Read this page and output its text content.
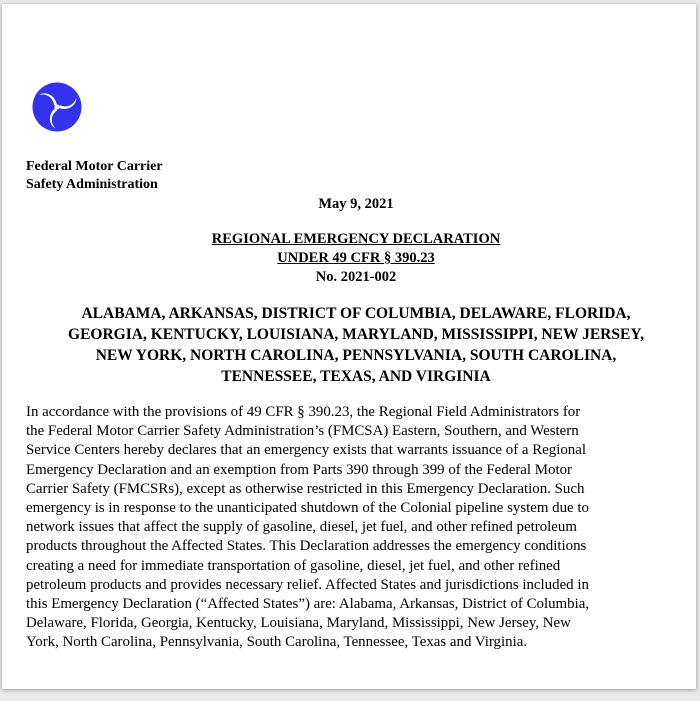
Federal Motor Carrier
Safety Administration
May 9, 2021
REGIONAL EMERGENCY DECLARATION
UNDER 49 CFR § 390.23
No. 2021-002
ALABAMA, ARKANSAS, DISTRICT OF COLUMBIA, DELAWARE, FLORIDA,
GEORGIA, KENTUCKY, LOUISIANA, MARYLAND, MISSISSIPPI, NEW JERSEY,
NEW YORK, NORTH CAROLINA, PENNSYLVANIA, SOUTH CAROLINA,
TENNESSEE, TEXAS, AND VIRGINIA
In accordance with the provisions of 49 CFR § 390.23, the Regional Field Administrators for
the Federal Motor Carrier Safety Administration’s (FMCSA) Eastern, Southern, and Western
Service Centers hereby declares that an emergency exists that warrants issuance of a Regional
Emergency Declaration and an exemption from Parts 390 through 399 of the Federal Motor
Carrier Safety (FMCSRs), except as otherwise restricted in this Emergency Declaration. Such
emergency is in response to the unanticipated shutdown of the Colonial pipeline system due to
network issues that affect the supply of gasoline, diesel, jet fuel, and other refined petroleum
products throughout the Affected States. This Declaration addresses the emergency conditions
creating a need for immediate transportation of gasoline, diesel, jet fuel, and other refined
petroleum products and provides necessary relief. Affected States and jurisdictions included in
this Emergency Declaration (“Affected States”) are: Alabama, Arkansas, District of Columbia,
Delaware, Florida, Georgia, Kentucky, Louisiana, Maryland, Mississippi, New Jersey, New
York, North Carolina, Pennsylvania, South Carolina, Tennessee, Texas and Virginia.
